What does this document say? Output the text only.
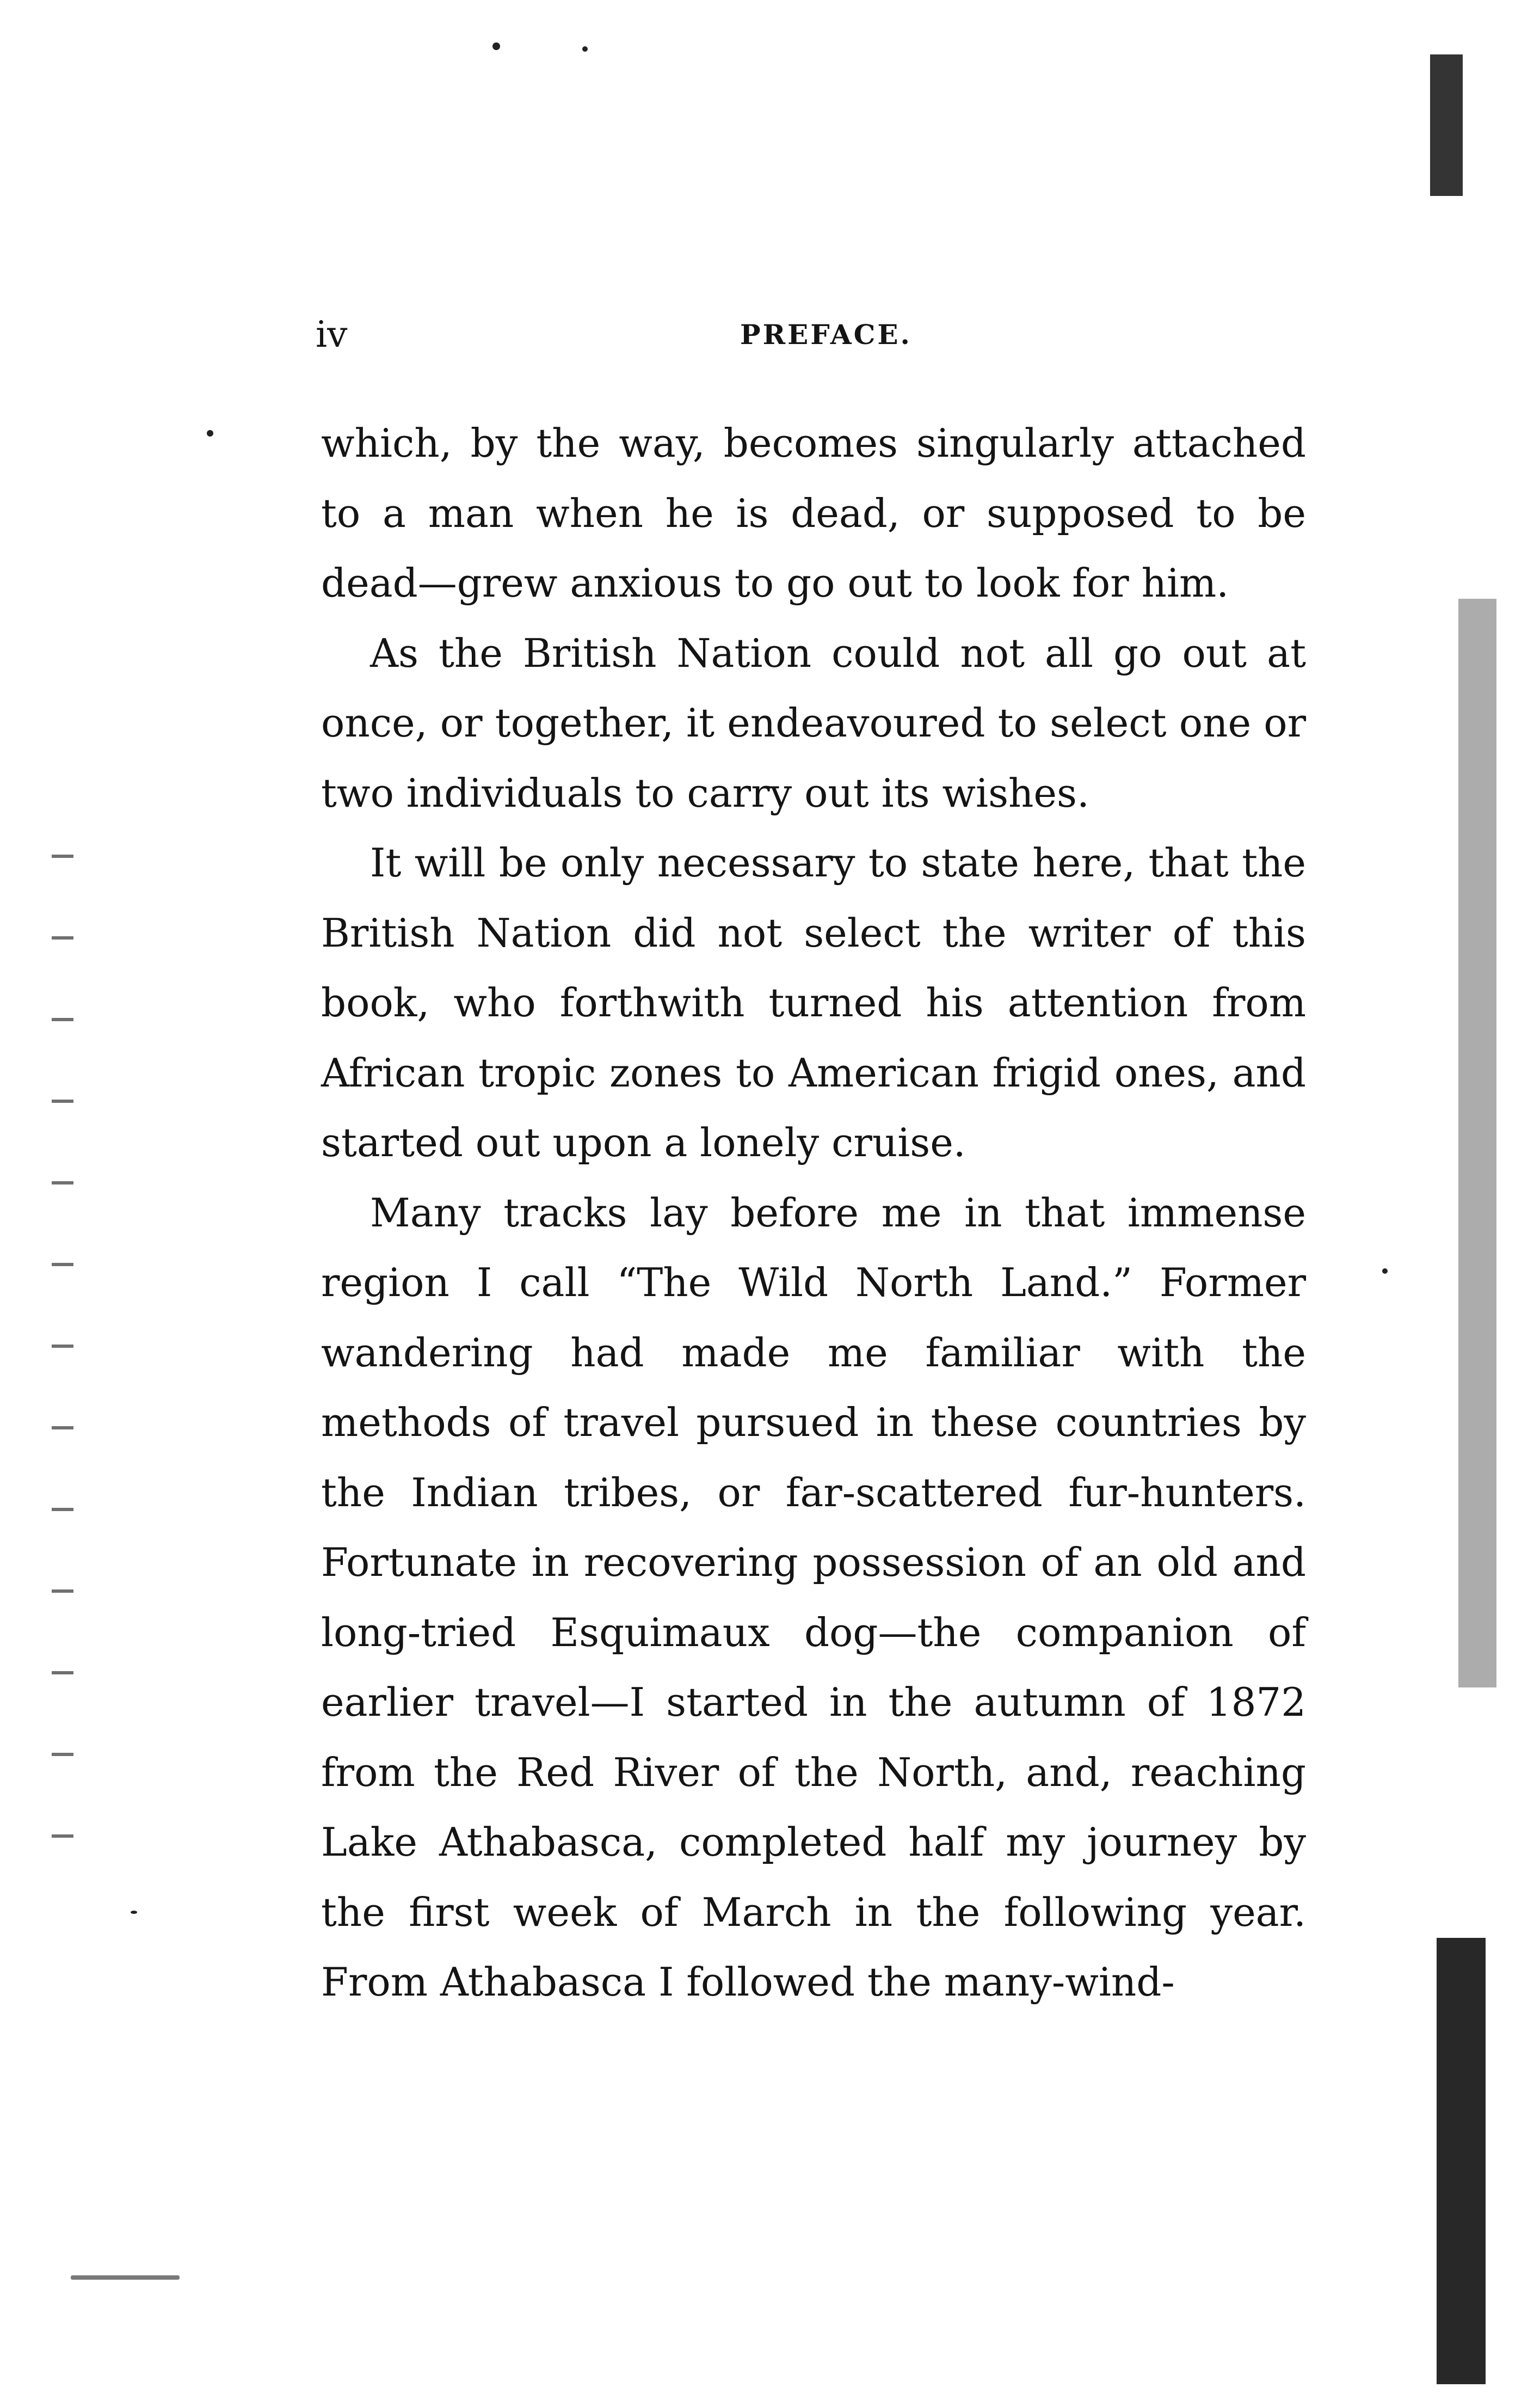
iv	PREFACE.

which, by the way, becomes singularly attached to a man when he is dead, or supposed to be dead—grew anxious to go out to look for him.

As the British Nation could not all go out at once, or together, it endeavoured to select one or two individuals to carry out its wishes.

It will be only necessary to state here, that the British Nation did not select the writer of this book, who forthwith turned his attention from African tropic zones to American frigid ones, and started out upon a lonely cruise.

Many tracks lay before me in that immense region I call “The Wild North Land.” Former wandering had made me familiar with the methods of travel pursued in these countries by the Indian tribes, or far-scattered fur-hunters. Fortunate in recovering possession of an old and long-tried Esquimaux dog—the companion of earlier travel—I started in the autumn of 1872 from the Red River of the North, and, reaching Lake Athabasca, completed half my journey by the first week of March in the following year. From Athabasca I followed the many-wind-
